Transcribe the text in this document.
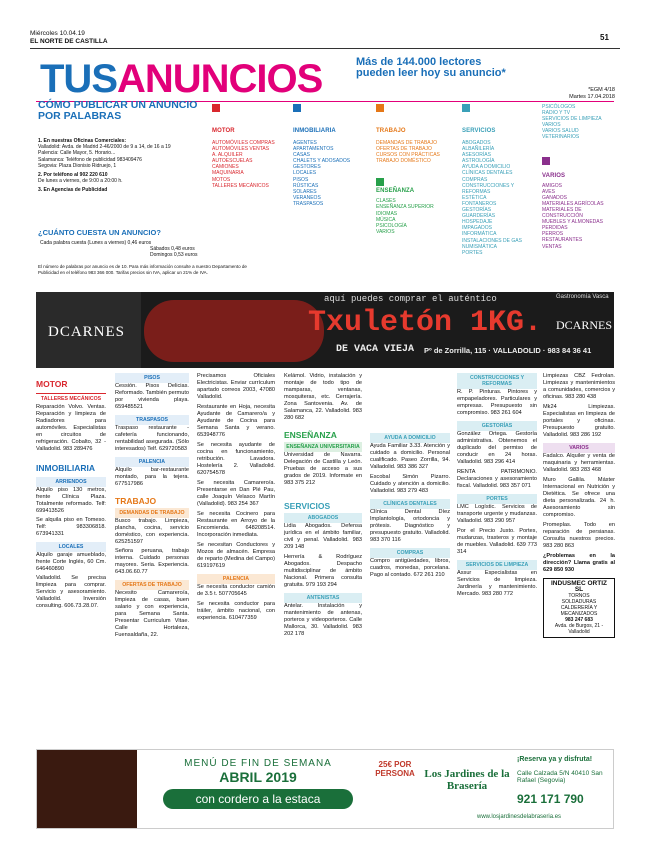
Miércoles 10.04.19
EL NORTE DE CASTILLA	51
TUSANUNCIOS	Más de 144.000 lectores pueden leer hoy su anuncio*
*EGM 4/18
Martes 17.04.2018
CÓMO PUBLICAR UN ANUNCIO POR PALABRAS
1. En nuestras Oficinas Comerciales:
Valladolid: Avda. de Madrid 2-46/2000 de 9 a 14, de 16 a 19
Palencia: Calle Mayor, 5. Horario...
Salamanca: Teléfono de publicidad 983409476
Segovia: Plaza Dionisio Ridruejo, 1
2. Por teléfono al 902 220 610
De lunes a viernes, de 9:00 a 20:00 h.
3. En Agencias de Publicidad
¿CUÁNTO CUESTA UN ANUNCIO?
Cada palabra cuesta (Lunes a viernes) 0,46 euros
Sábados 0,48 euros
Domingos 0,53 euros
El número de palabras por anuncio es de 10. Para más información consulte a nuestro Departamento de Publicidad en el teléfono 983 366 000. Tarifas precios sin IVA, aplicar un 21% de IVA.
MOTOR
AUTOMÓVILES COMPRAS
AUTOMÓVILES VENTAS
A. ALQUILER
AUTOESCUELAS
CAMIONES
MAQUINARIA
MOTOS
TALLERES MECÁNICOS
INMOBILIARIA
AGENTES
APARTAMENTOS
CASAS
CHALETS Y ADOSADOS
GESTORES
LOCALES
PISOS
RÚSTICAS
SOLARES
VERANEOS
TRASPASOS
TRABAJO
DEMANDAS DE TRABAJO
OFERTAS DE TRABAJO
CURSOS CON PRÁCTICAS
TRABAJO DOMÉSTICO
ENSEÑANZA
CLASES
ENSEÑANZA SUPERIOR
IDIOMAS
MÚSICA
PSICOLOGÍA
VARIOS
SERVICIOS
ABOGADOS
ALBAÑILERÍA
ASESORÍAS
ASTROLOGÍA
AYUDA A DOMICILIO
CLÍNICAS DENTALES
COMPRAS
CONSTRUCCIONES Y REFORMAS
ESTÉTICA
FONTANEROS
GESTORÍAS
GUARDERÍAS
HOSPEDAJE
IMPAGADOS
INFORMÁTICA
INSTALACIONES DE GAS
NUMISMÁTICA
PORTES
PSICÓLOGOS
RADIO Y TV
SERVICIOS DE LIMPIEZA
VARIOS
VARIOS SALUD
VETERINARIOS
VARIOS
AMIGOS
AVES
GANADOS
MATERIALES AGRÍCOLAS
MATERIALES DE CONSTRUCCIÓN
MUEBLES Y ALMONEDAS
PERDIDAS
PERROS
RESTAURANTES
VENTAS
DCARNES
aquí puedes comprar el auténtico
Txuletón 1KG.
DE VACA VIEJA Pº de Zorrilla, 115 · VALLADOLID · 983 84 36 41
Gastronomía Vasca
DCARNES
MOTOR
TALLERES MECÁNICOS
Reparación Volvo. Ventas. Reparación y limpieza de Radiadores para automóviles. Especialistas en circuitos de refrigeración. Cobalto, 32 - Valladolid. 983 289476
INMOBILIARIA
ARRIENDOS
Alquilo piso 130 metros, frente Clínica Plaza. Totalmente reformado. Telf: 699413526
Se alquila piso en Tomeso. Telf: 983306818. 673941331
LOCALES
Alquilo garaje amueblado, frente Corte Inglés, 60 Cm. 646460890
Valladolid. Se precisa limpieza para comprar. Servicio y asesoramiento. Valladolid. Inversión consulting. 606.73.28.07.
PISOS
Cessión. Pisos Delicias. Reformado. También permuto por vivienda playa. 659485521
TRASPASOS
Traspaso restaurante - cafetería funcionando, rentabilidad asegurada. (Sólo interesados) Telf. 629720583
PALENCIA
Alquilo bar-restaurante montado, para la tejera. 677517986
TRABAJO
DEMANDAS DE TRABAJO
Busco trabajo. Limpieza, plancha, cocina, servicio doméstico, con experiencia. 625251597
Señora peruana, trabajo interna. Cuidado personas mayores. Seria. Experiencia. 643.06.60.77
OFERTAS DE TRABAJO
Necesito Camarero/a, limpieza de casas, buen salario y con experiencia, para Semana Santa. Presentar Curriculum Vitae. Calle Hortaleza, Fuensaldaña, 22.
Precisamos Oficiales Electricistas. Enviar currículum apartado correos 2003, 47080 Valladolid.
Restaurante en Hoja, necesita Ayudante de Camarero/a y Ayudante de Cocina para Semana Santa y verano. 653948776
Se necesita ayudante de cocina en funcionamiento, retribución. Lavadora. Hostelería 2. Valladolid. 620754578
Se necesita Camarero/a. Presentarse en Dan Plé Pau, calle Joaquín Velasco Martín (Valladolid). 983 254 367
Se necesita Cocinero para Restaurante en Arroyo de la Encomienda. 648208514. Incorporación inmediata.
Se necesitan Conductores y Mozos de almacén. Empresa de reparto (Medina del Campo) 619197619
PALENCIA
Se necesita conductor camión de 3.5 t. 507705645
Se necesita conductor para tráiler, ámbito nacional, con experiencia. 610477359
Kelámol. Vidrio, instalación y montaje de todo tipo de mamparas, ventanas, mosquiteras, etc. Cerrajería. Zona Santovenia. Av. de Salamanca, 22. Valladolid. 983 280 682
ENSEÑANZA
ENSEÑANZA UNIVERSITARIA
Universidad de Navarra. Delegación de Castilla y León. Pruebas de acceso a sus grados de 2019. Informate en 983 375 212
SERVICIOS
ABOGADOS
Lidia Abogados. Defensa jurídica en el ámbito familiar, civil y penal. Valladolid. 983 209 148
Herrería & Rodríguez Abogados. Despacho multidisciplinar de ámbito Nacional. Primera consulta gratuita. 979 193 294
ANTENISTAS
Antelar. Instalación y mantenimiento de antenas, porteros y videoporteros. Calle Mallorca, 30. Valladolid. 983 202 178
AYUDA A DOMICILIO
Ayuda Familiar 3.33. Atención y cuidado a domicilio. Personal cualificado. Paseo Zorrilla, 94. Valladolid. 983 386 327
Escobal Simón Pizarro. Cuidado y atención a domicilio. Valladolid. 983 279 483
CLÍNICAS DENTALES
Clínica Dental Díez Implantología, ortodoncia y prótesis. Diagnóstico y presupuesto gratuito. Valladolid. 983 370 116
COMPRAS
Compro antigüedades, libros, cuadros, monedas, porcelana. Pago al contado. 672 261 210
CONSTRUCCIONES Y REFORMAS
R. P. Pinturas. Pintores y empapeladores. Particulares y empresas. Presupuesto sin compromiso. 983 261 604
GESTORÍAS
González Ortega. Gestoría administrativa. Obtenemos el duplicado del permiso de conducir en 24 horas. Valladolid. 983 296 414
RENTA PATRIMONIO. Declaraciones y asesoramiento fiscal. Valladolid. 983 357 071
PORTES
LMC Logístic. Servicios de transporte urgente y mudanzas. Valladolid. 983 290 957
Por el Precio Justo. Portes, mudanzas, trasteros y montaje de muebles. Valladolid. 639 773 314
SERVICIOS DE LIMPIEZA
Assur Especialistas en Servicios de limpieza. Jardinería y mantenimiento. Mercado. 983 280 772
Limpiezas CBZ Fedrolan. Limpiezas y mantenimientos a comunidades, comercios y oficinas. 983 280 438
Mk24 Limpiezas. Especialistas en limpieza de portales y oficinas. Presupuesto gratuito. Valladolid. 983 286 192
VARIOS
Fadalco. Alquiler y venta de maquinaria y herramientas. Valladolid. 983 283 468
Muro Gallila. Máster Internacional en Nutrición y Dietética. Se ofrece una dieta personalizada. 24 h. Asesoramiento sin compromiso.
Promeplas. Todo en reparación de persianas. Consulta nuestros precios. 983 280 863
¿Problemas en la dirección? Llama gratis al 629 850 930
INDUSMEC ORTIZ SL
TORNOS
SOLDADURAS
CALDERERÍA Y MECANIZADOS
983 247 683
Avda. de Burgos, 21 - Valladolid
MENÚ DE FIN DE SEMANA
ABRIL 2019
con cordero a la estaca
25€ POR PERSONA Los Jardines de la Brasería
¡Reserva ya y disfruta!
Calle Calzada 5/N 40410 San Rafael (Segovia)
921 171 790
www.losjardinesdelabraseria.es
